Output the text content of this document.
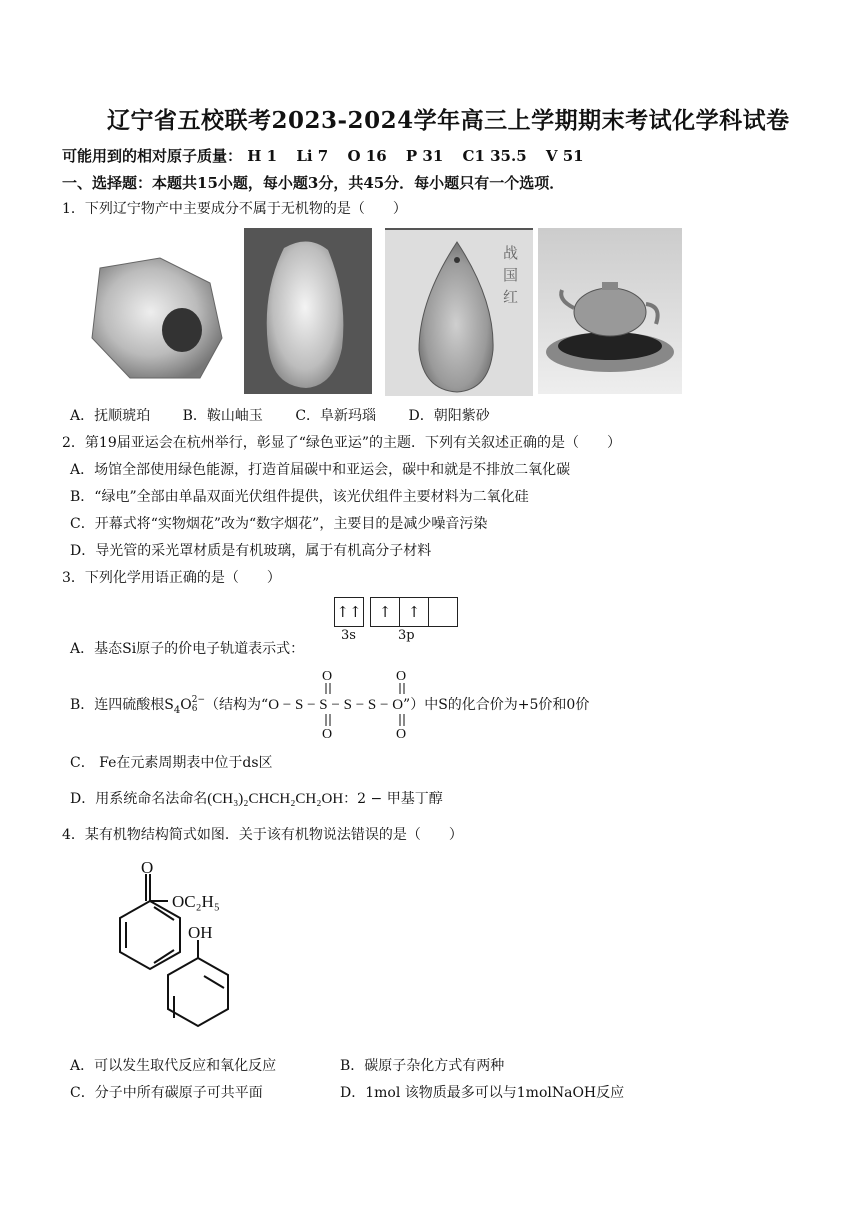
辽宁省五校联考2023-2024学年高三上学期期末考试化学科试卷
可能用到的相对原子质量： H 1 Li 7 O 16 P 31 C1 35.5 V 51
一、选择题：本题共15小题，每小题3分，共45分．每小题只有一个选项．
1．下列辽宁物产中主要成分不属于无机物的是（　　）
战国红
A．抚顺琥珀 B．鞍山岫玉 C．阜新玛瑙 D．朝阳紫砂
2．第19届亚运会在杭州举行，彰显了“绿色亚运”的主题．下列有关叙述正确的是（　　）
A．场馆全部使用绿色能源，打造首届碳中和亚运会，碳中和就是不排放二氧化碳
B．“绿电”全部由单晶双面光伏组件提供，该光伏组件主要材料为二氧化硅
C．开幕式将“实物烟花”改为“数字烟花”，主要目的是减少噪音污染
D．导光管的采光罩材质是有机玻璃，属于有机高分子材料
3．下列化学用语正确的是（　　）
↑↑	↑	↑
3s	3p
A．基态Si原子的价电子轨道表示式：
B．连四硫酸根$S_4O$ 2−
6 （结构为“O − S − S − S − S − O”）中S的化合价为+5价和0价
O	O
O	O
C． Fe在元素周期表中位于ds区
D．用系统命名法命名(CH₃)₂CHCH₂CH₂OH：2 − 甲基丁醇
4．某有机物结构简式如图．关于该有机物说法错误的是（　　）
O
OC₂H₅
OH
A．可以发生取代反应和氧化反应	B．碳原子杂化方式有两种
C．分子中所有碳原子可共平面	D．1mol 该物质最多可以与1molNaOH反应
